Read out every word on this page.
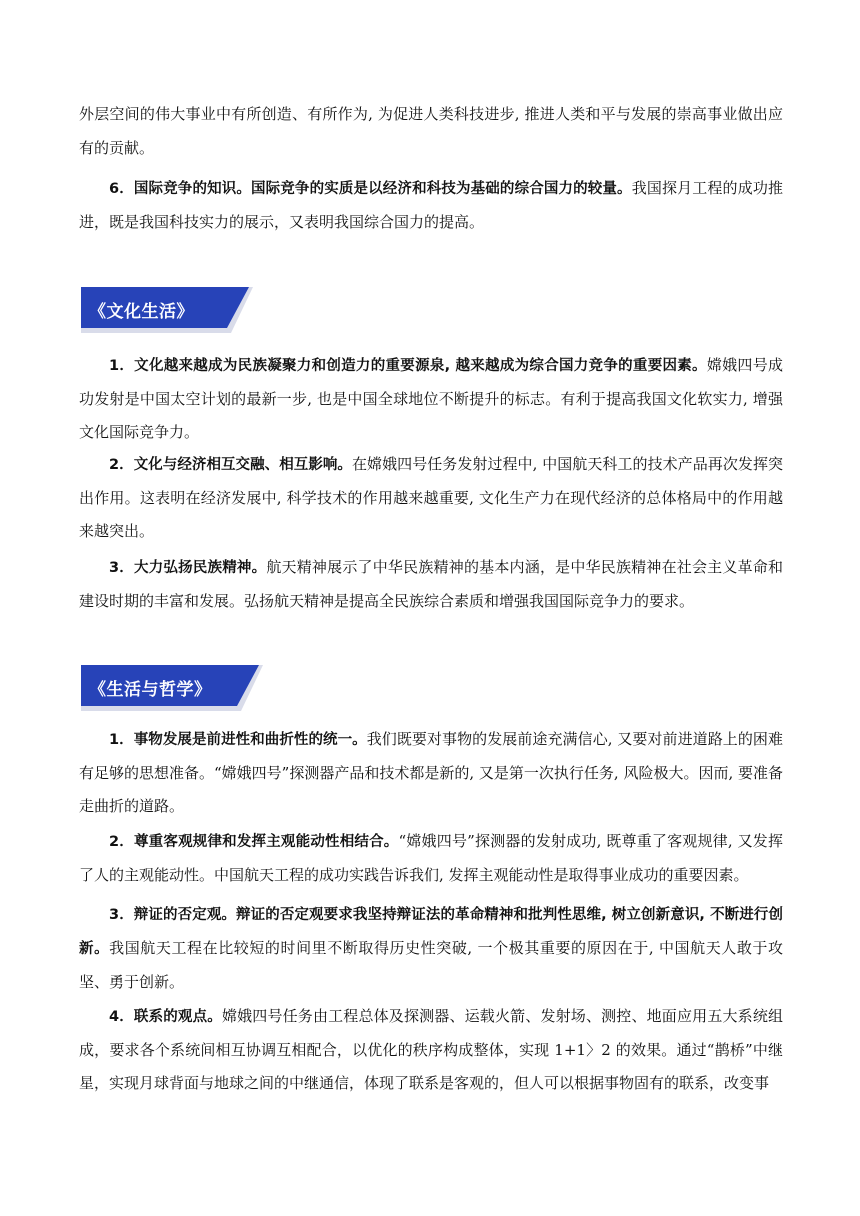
外层空间的伟大事业中有所创造、有所作为, 为促进人类科技进步, 推进人类和平与发展的崇高事业做出应有的贡献。

6．国际竞争的知识。国际竞争的实质是以经济和科技为基础的综合国力的较量。我国探月工程的成功推进，既是我国科技实力的展示，又表明我国综合国力的提高。

《文化生活》

1．文化越来越成为民族凝聚力和创造力的重要源泉, 越来越成为综合国力竞争的重要因素。嫦娥四号成功发射是中国太空计划的最新一步, 也是中国全球地位不断提升的标志。有利于提高我国文化软实力, 增强文化国际竞争力。

2．文化与经济相互交融、相互影响。在嫦娥四号任务发射过程中, 中国航天科工的技术产品再次发挥突出作用。这表明在经济发展中, 科学技术的作用越来越重要, 文化生产力在现代经济的总体格局中的作用越来越突出。

3．大力弘扬民族精神。航天精神展示了中华民族精神的基本内涵，是中华民族精神在社会主义革命和建设时期的丰富和发展。弘扬航天精神是提高全民族综合素质和增强我国国际竞争力的要求。

《生活与哲学》

1．事物发展是前进性和曲折性的统一。我们既要对事物的发展前途充满信心, 又要对前进道路上的困难有足够的思想准备。“嫦娥四号”探测器产品和技术都是新的, 又是第一次执行任务, 风险极大。因而, 要准备走曲折的道路。

2．尊重客观规律和发挥主观能动性相结合。“嫦娥四号”探测器的发射成功, 既尊重了客观规律, 又发挥了人的主观能动性。中国航天工程的成功实践告诉我们, 发挥主观能动性是取得事业成功的重要因素。

3．辩证的否定观。辩证的否定观要求我坚持辩证法的革命精神和批判性思维, 树立创新意识, 不断进行创新。我国航天工程在比较短的时间里不断取得历史性突破, 一个极其重要的原因在于, 中国航天人敢于攻坚、勇于创新。

4．联系的观点。嫦娥四号任务由工程总体及探测器、运载火箭、发射场、测控、地面应用五大系统组成，要求各个系统间相互协调互相配合，以优化的秩序构成整体，实现 1+1〉2 的效果。通过“鹊桥”中继星，实现月球背面与地球之间的中继通信，体现了联系是客观的，但人可以根据事物固有的联系，改变事
